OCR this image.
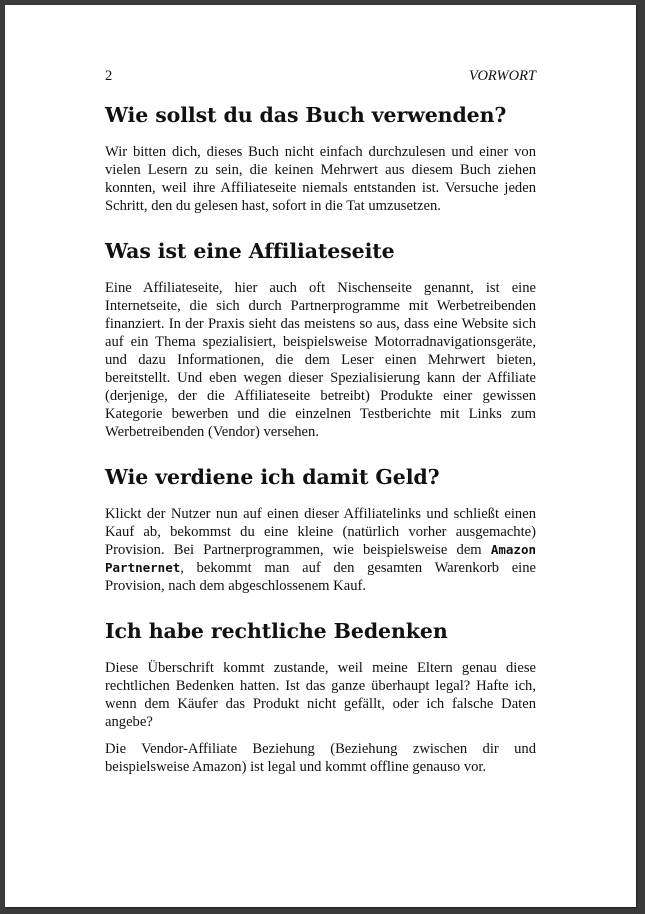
2	VORWORT
Wie sollst du das Buch verwenden?

Wir bitten dich, dieses Buch nicht einfach durchzulesen und einer von vielen Lesern zu sein, die keinen Mehrwert aus diesem Buch ziehen konnten, weil ihre Affiliateseite niemals entstanden ist. Versuche jeden Schritt, den du gelesen hast, sofort in die Tat umzusetzen.

Was ist eine Affiliateseite

Eine Affiliateseite, hier auch oft Nischenseite genannt, ist eine Internetseite, die sich durch Partnerprogramme mit Werbetreibenden finanziert. In der Praxis sieht das meistens so aus, dass eine Website sich auf ein Thema spezialisiert, beispielsweise Motorradnavigationsgeräte, und dazu Informationen, die dem Leser einen Mehrwert bieten, bereitstellt. Und eben wegen dieser Spezialisierung kann der Affiliate (derjenige, der die Affiliateseite betreibt) Produkte einer gewissen Kategorie bewerben und die einzelnen Testberichte mit Links zum Werbetreibenden (Vendor) versehen.

Wie verdiene ich damit Geld?

Klickt der Nutzer nun auf einen dieser Affiliatelinks und schließt einen Kauf ab, bekommst du eine kleine (natürlich vorher ausgemachte) Provision. Bei Partnerprogrammen, wie beispielsweise dem Amazon Partnernet, bekommt man auf den gesamten Warenkorb eine Provision, nach dem abgeschlossenem Kauf.

Ich habe rechtliche Bedenken

Diese Überschrift kommt zustande, weil meine Eltern genau diese rechtlichen Bedenken hatten. Ist das ganze überhaupt legal? Hafte ich, wenn dem Käufer das Produkt nicht gefällt, oder ich falsche Daten angebe?

Die Vendor-Affiliate Beziehung (Beziehung zwischen dir und beispielsweise Amazon) ist legal und kommt offline genauso vor.
